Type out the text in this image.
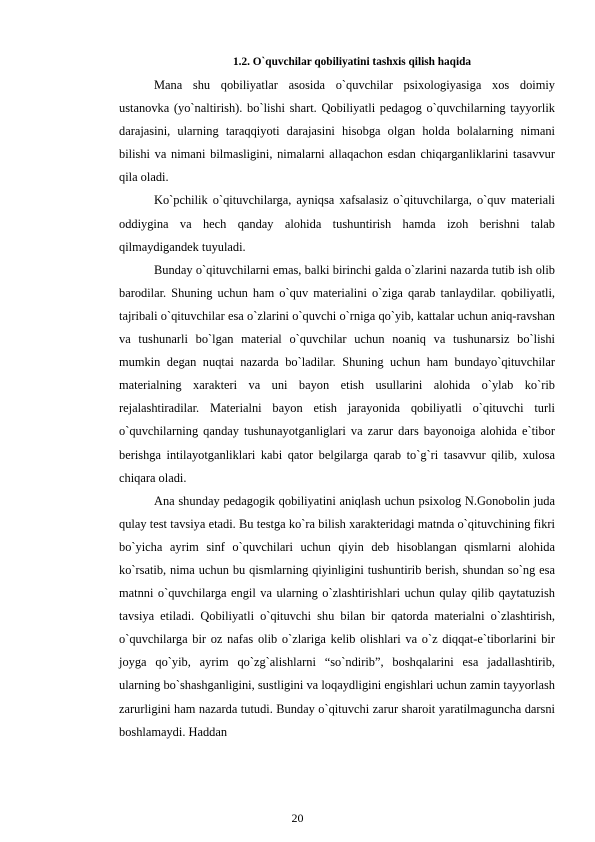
1.2. O`quvchilar qobiliyatini tashxis qilish haqida

Mana shu qobiliyatlar asosida o`quvchilar psixologiyasiga xos doimiy ustanovka (yo`naltirish). bo`lishi shart. Qobiliyatli pedagog o`quvchilarning tayyorlik darajasini, ularning taraqqiyoti darajasini hisobga olgan holda bolalarning nimani bilishi va nimani bilmasligini, nimalarni allaqachon esdan chiqarganliklarini tasavvur qila oladi.

Ko`pchilik o`qituvchilarga, ayniqsa xafsalasiz o`qituvchilarga, o`quv materiali oddiygina va hech qanday alohida tushuntirish hamda izoh berishni talab qilmaydigandek tuyuladi.

Bunday o`qituvchilarni emas, balki birinchi galda o`zlarini nazarda tutib ish olib barodilar. Shuning uchun ham o`quv materialini o`ziga qarab tanlaydilar. qobiliyatli, tajribali o`qituvchilar esa o`zlarini o`quvchi o`rniga qo`yib, kattalar uchun aniq-ravshan va tushunarli bo`lgan material o`quvchilar uchun noaniq va tushunarsiz bo`lishi mumkin degan nuqtai nazarda bo`ladilar. Shuning uchun ham bundayo`qituvchilar materialning xarakteri va uni bayon etish usullarini alohida o`ylab ko`rib rejalashtiradilar. Materialni bayon etish jarayonida qobiliyatli o`qituvchi turli o`quvchilarning qanday tushunayotganliglari va zarur dars bayonoiga alohida e`tibor berishga intilayotganliklari kabi qator belgilarga qarab to`g`ri tasavvur qilib, xulosa chiqara oladi.

Ana shunday pedagogik qobiliyatini aniqlash uchun psixolog N.Gonobolin juda qulay test tavsiya etadi. Bu testga ko`ra bilish xarakteridagi matnda o`qituvchining fikri bo`yicha ayrim sinf o`quvchilari uchun qiyin deb hisoblangan qismlarni alohida ko`rsatib, nima uchun bu qismlarning qiyinligini tushuntirib berish, shundan so`ng esa matnni o`quvchilarga engil va ularning o`zlashtirishlari uchun qulay qilib qaytatuzish tavsiya etiladi. Qobiliyatli o`qituvchi shu bilan bir qatorda materialni o`zlashtirish, o`quvchilarga bir oz nafas olib o`zlariga kelib olishlari va o`z diqqat-e`tiborlarini bir joyga qo`yib, ayrim qo`zg`alishlarni “so`ndirib”, boshqalarini esa jadallashtirib, ularning bo`shashganligini, sustligini va loqaydligini engishlari uchun zamin tayyorlash zarurligini ham nazarda tutudi. Bunday o`qituvchi zarur sharoit yaratilmaguncha darsni boshlamaydi. Haddan

20
